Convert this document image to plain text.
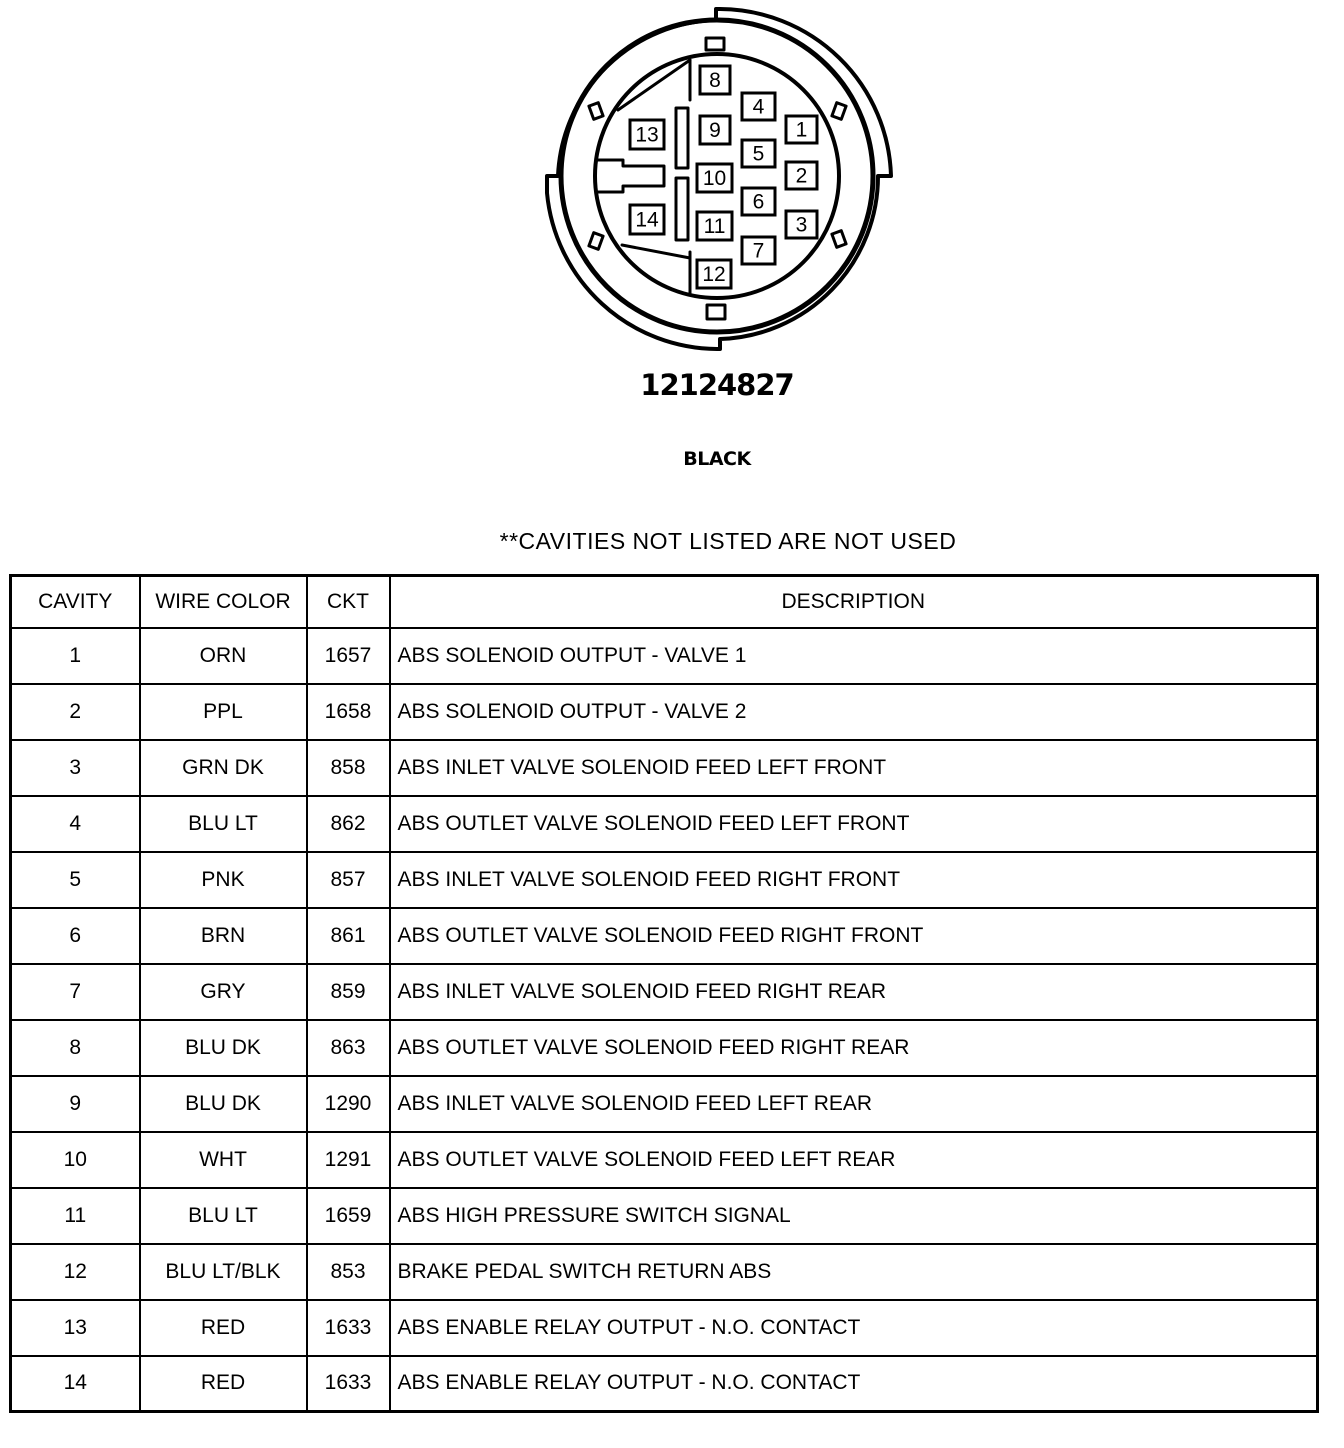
1
2
3
4
5
6
7
8
9
10
11
12
13
14
12124827
BLACK
**CAVITIES NOT LISTED ARE NOT USED
CAVITY	WIRE COLOR	CKT	DESCRIPTION
1	ORN	1657	ABS SOLENOID OUTPUT - VALVE 1
2	PPL	1658	ABS SOLENOID OUTPUT - VALVE 2
3	GRN DK	858	ABS INLET VALVE SOLENOID FEED LEFT FRONT
4	BLU LT	862	ABS OUTLET VALVE SOLENOID FEED LEFT FRONT
5	PNK	857	ABS INLET VALVE SOLENOID FEED RIGHT FRONT
6	BRN	861	ABS OUTLET VALVE SOLENOID FEED RIGHT FRONT
7	GRY	859	ABS INLET VALVE SOLENOID FEED RIGHT REAR
8	BLU DK	863	ABS OUTLET VALVE SOLENOID FEED RIGHT REAR
9	BLU DK	1290	ABS INLET VALVE SOLENOID FEED LEFT REAR
10	WHT	1291	ABS OUTLET VALVE SOLENOID FEED LEFT REAR
11	BLU LT	1659	ABS HIGH PRESSURE SWITCH SIGNAL
12	BLU LT/BLK	853	BRAKE PEDAL SWITCH RETURN ABS
13	RED	1633	ABS ENABLE RELAY OUTPUT - N.O. CONTACT
14	RED	1633	ABS ENABLE RELAY OUTPUT - N.O. CONTACT
